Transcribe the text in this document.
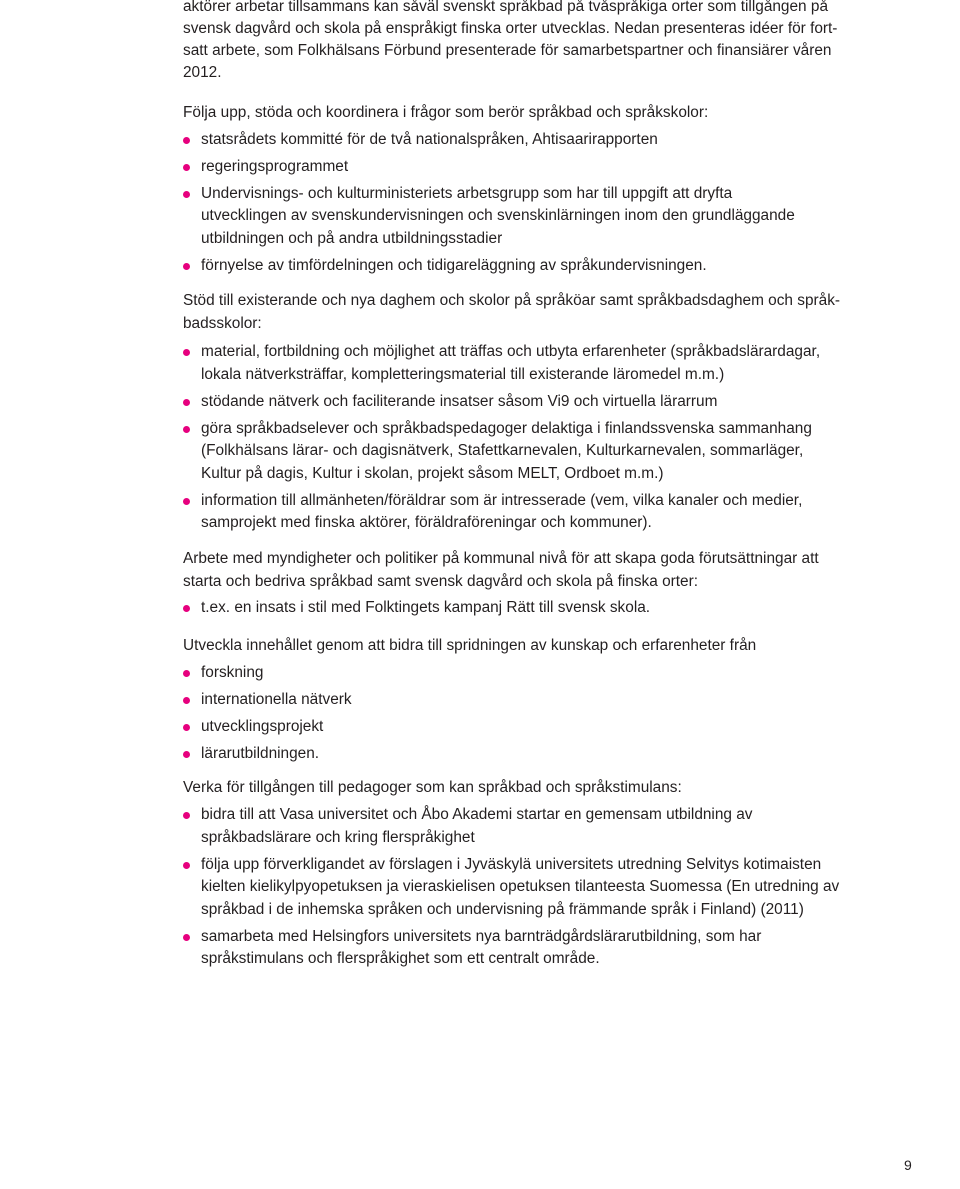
aktörer arbetar tillsammans kan såväl svenskt språkbad på tvåspråkiga orter som tillgången på
svensk dagvård och skola på enspråkigt finska orter utvecklas. Nedan presenteras idéer för fort-
satt arbete, som Folkhälsans Förbund presenterade för samarbetspartner och finansiärer våren
2012.

Följa upp, stöda och koordinera i frågor som berör språkbad och språkskolor:

statsrådets kommitté för de två nationalspråken, Ahtisaarirapporten
regeringsprogrammet
Undervisnings- och kulturministeriets arbetsgrupp som har till uppgift att dryfta
utvecklingen av svenskundervisningen och svenskinlärningen inom den grundläggande
utbildningen och på andra utbildningsstadier
förnyelse av timfördelningen och tidigareläggning av språkundervisningen.

Stöd till existerande och nya daghem och skolor på språköar samt språkbadsdaghem och språk-
badsskolor:

material, fortbildning och möjlighet att träffas och utbyta erfarenheter (språkbadslärardagar,
lokala nätverksträffar, kompletteringsmaterial till existerande läromedel m.m.)
stödande nätverk och faciliterande insatser såsom Vi9 och virtuella lärarrum
göra språkbadselever och språkbadspedagoger delaktiga i finlandssvenska sammanhang
(Folkhälsans lärar- och dagisnätverk, Stafettkarnevalen, Kulturkarnevalen, sommarläger,
Kultur på dagis, Kultur i skolan, projekt såsom MELT, Ordboet m.m.)
information till allmänheten/föräldrar som är intresserade (vem, vilka kanaler och medier,
samprojekt med finska aktörer, föräldraföreningar och kommuner).

Arbete med myndigheter och politiker på kommunal nivå för att skapa goda förutsättningar att
starta och bedriva språkbad samt svensk dagvård och skola på finska orter:

t.ex. en insats i stil med Folktingets kampanj Rätt till svensk skola.

Utveckla innehållet genom att bidra till spridningen av kunskap och erfarenheter från

forskning
internationella nätverk
utvecklingsprojekt
lärarutbildningen.

Verka för tillgången till pedagoger som kan språkbad och språkstimulans:

bidra till att Vasa universitet och Åbo Akademi startar en gemensam utbildning av
språkbadslärare och kring flerspråkighet
följa upp förverkligandet av förslagen i Jyväskylä universitets utredning Selvitys kotimaisten
kielten kielikylpyopetuksen ja vieraskielisen opetuksen tilanteesta Suomessa (En utredning av
språkbad i de inhemska språken och undervisning på främmande språk i Finland) (2011)
samarbeta med Helsingfors universitets nya barnträdgårdslärarutbildning, som har
språkstimulans och flerspråkighet som ett centralt område.
9
